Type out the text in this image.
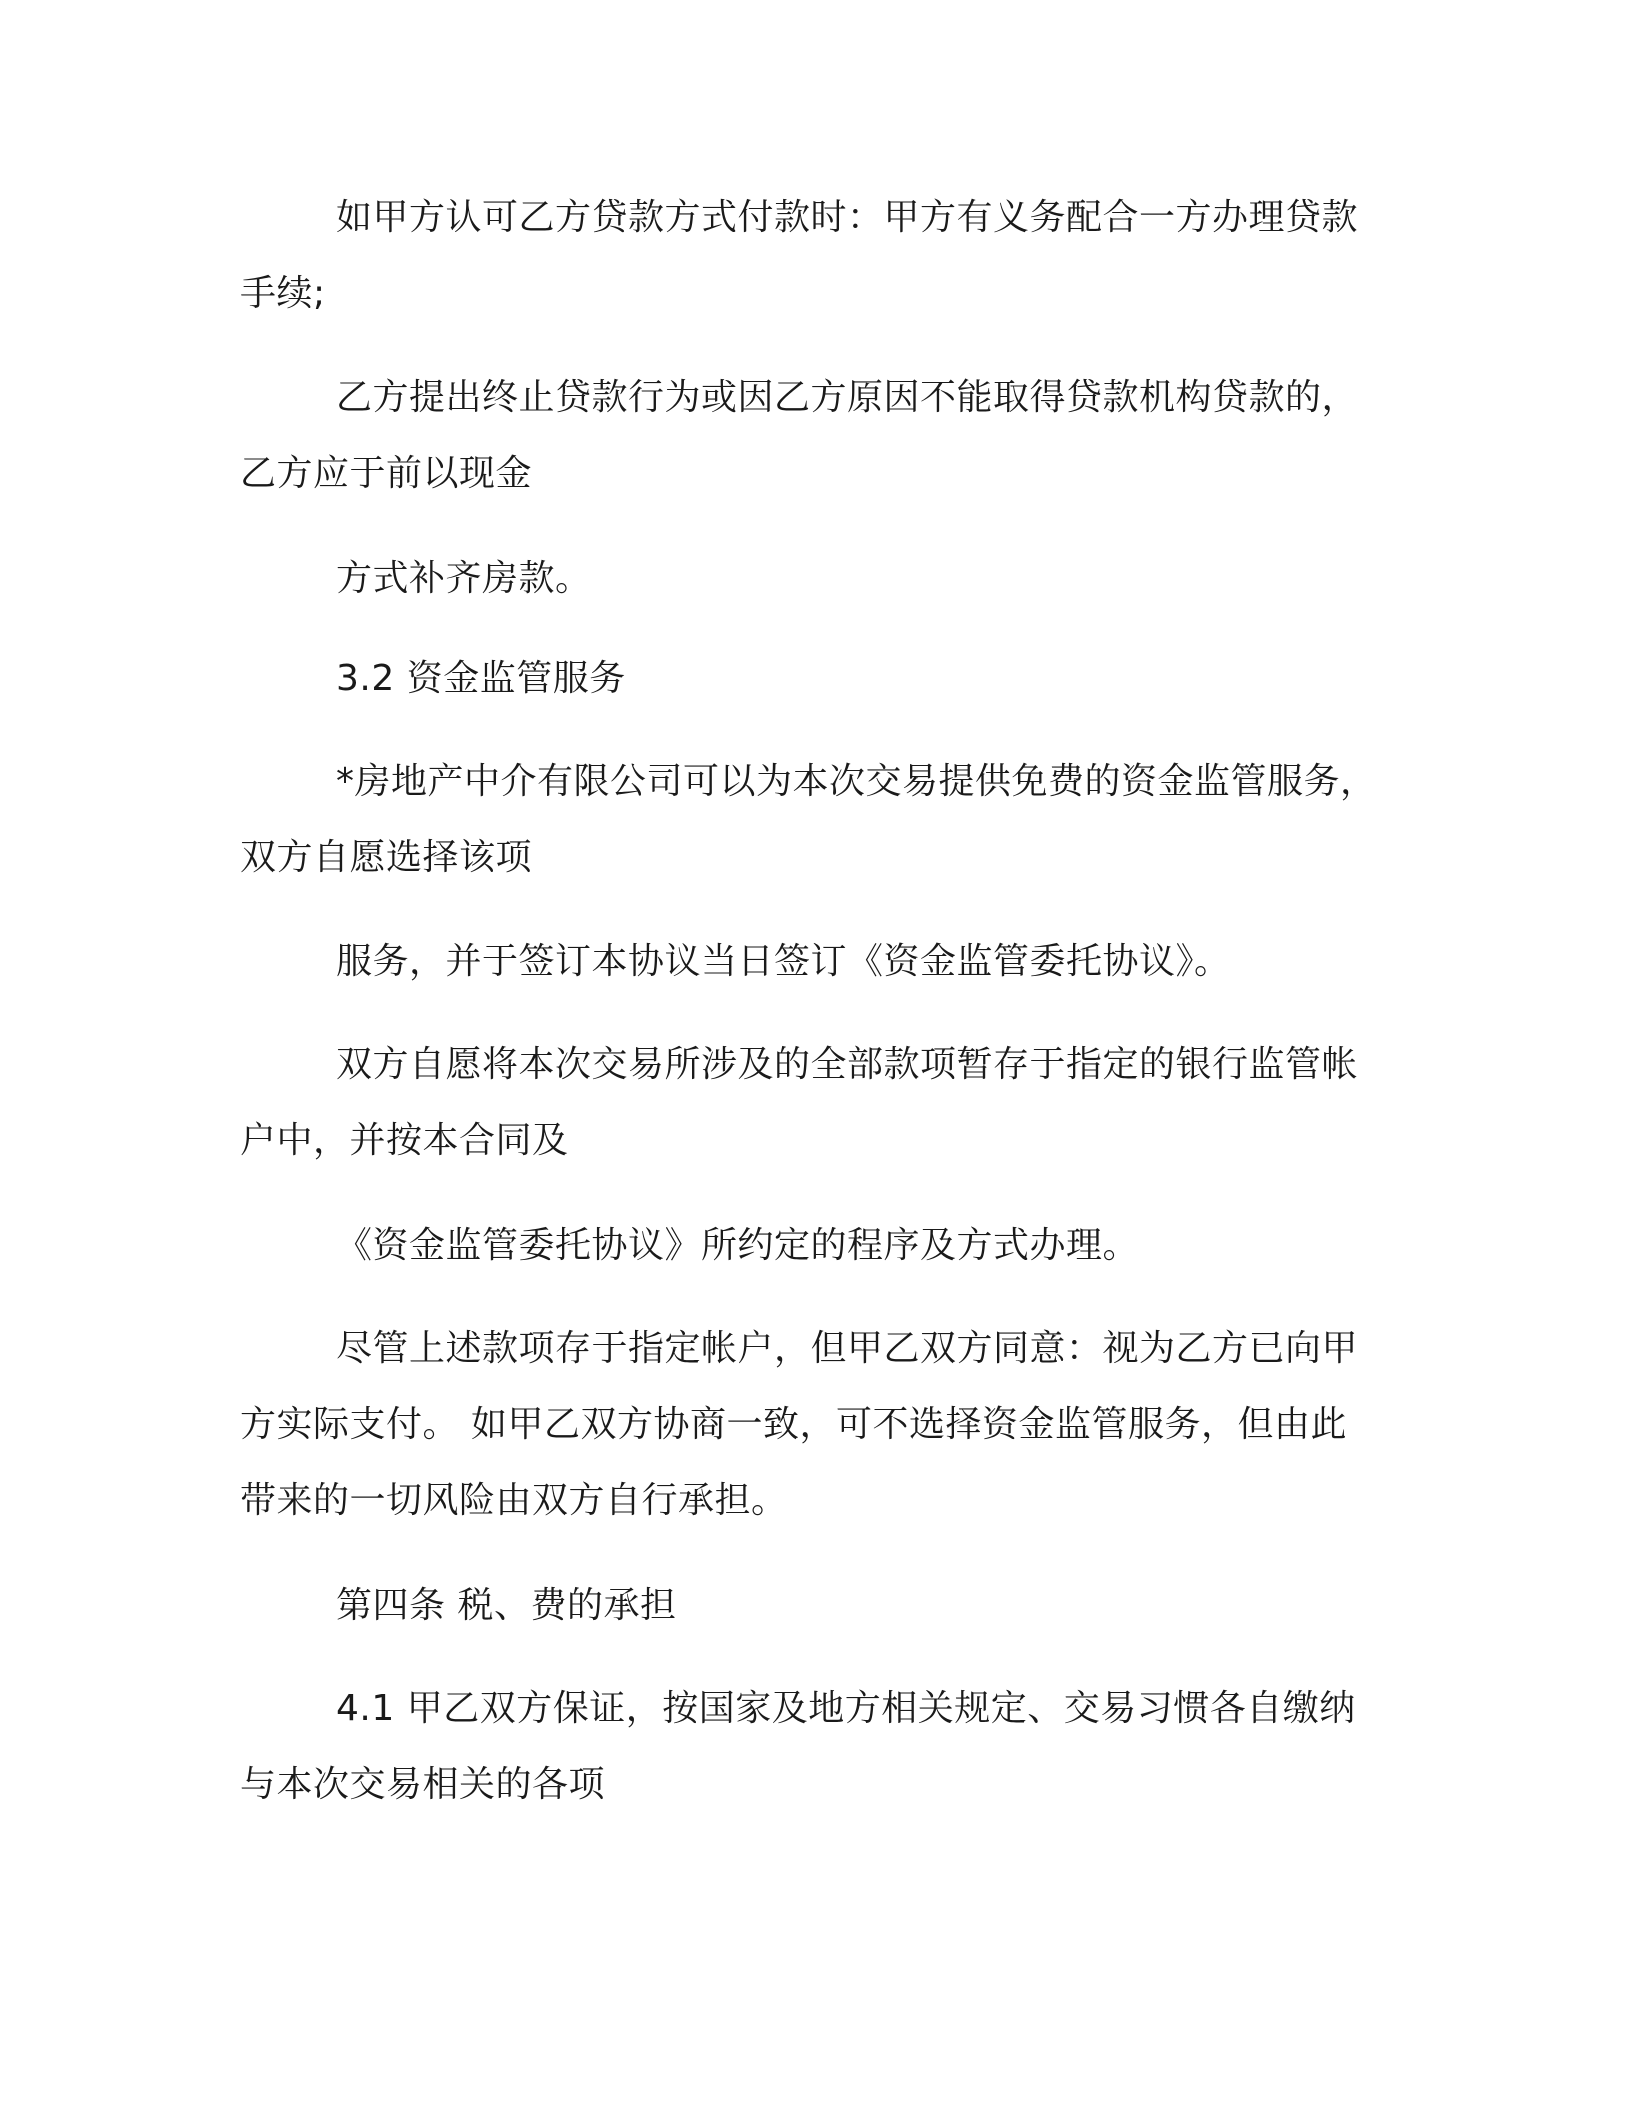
如甲方认可乙方贷款方式付款时：甲方有义务配合一方办理贷款
手续;
乙方提出终止贷款行为或因乙方原因不能取得贷款机构贷款的，
乙方应于前以现金
方式补齐房款。
3.2 资金监管服务
*房地产中介有限公司可以为本次交易提供免费的资金监管服务，
双方自愿选择该项
服务，并于签订本协议当日签订《资金监管委托协议》。
双方自愿将本次交易所涉及的全部款项暂存于指定的银行监管帐
户中，并按本合同及
《资金监管委托协议》所约定的程序及方式办理。
尽管上述款项存于指定帐户，但甲乙双方同意：视为乙方已向甲
方实际支付。 如甲乙双方协商一致，可不选择资金监管服务，但由此
带来的一切风险由双方自行承担。
第四条 税、费的承担
4.1 甲乙双方保证，按国家及地方相关规定、交易习惯各自缴纳
与本次交易相关的各项
